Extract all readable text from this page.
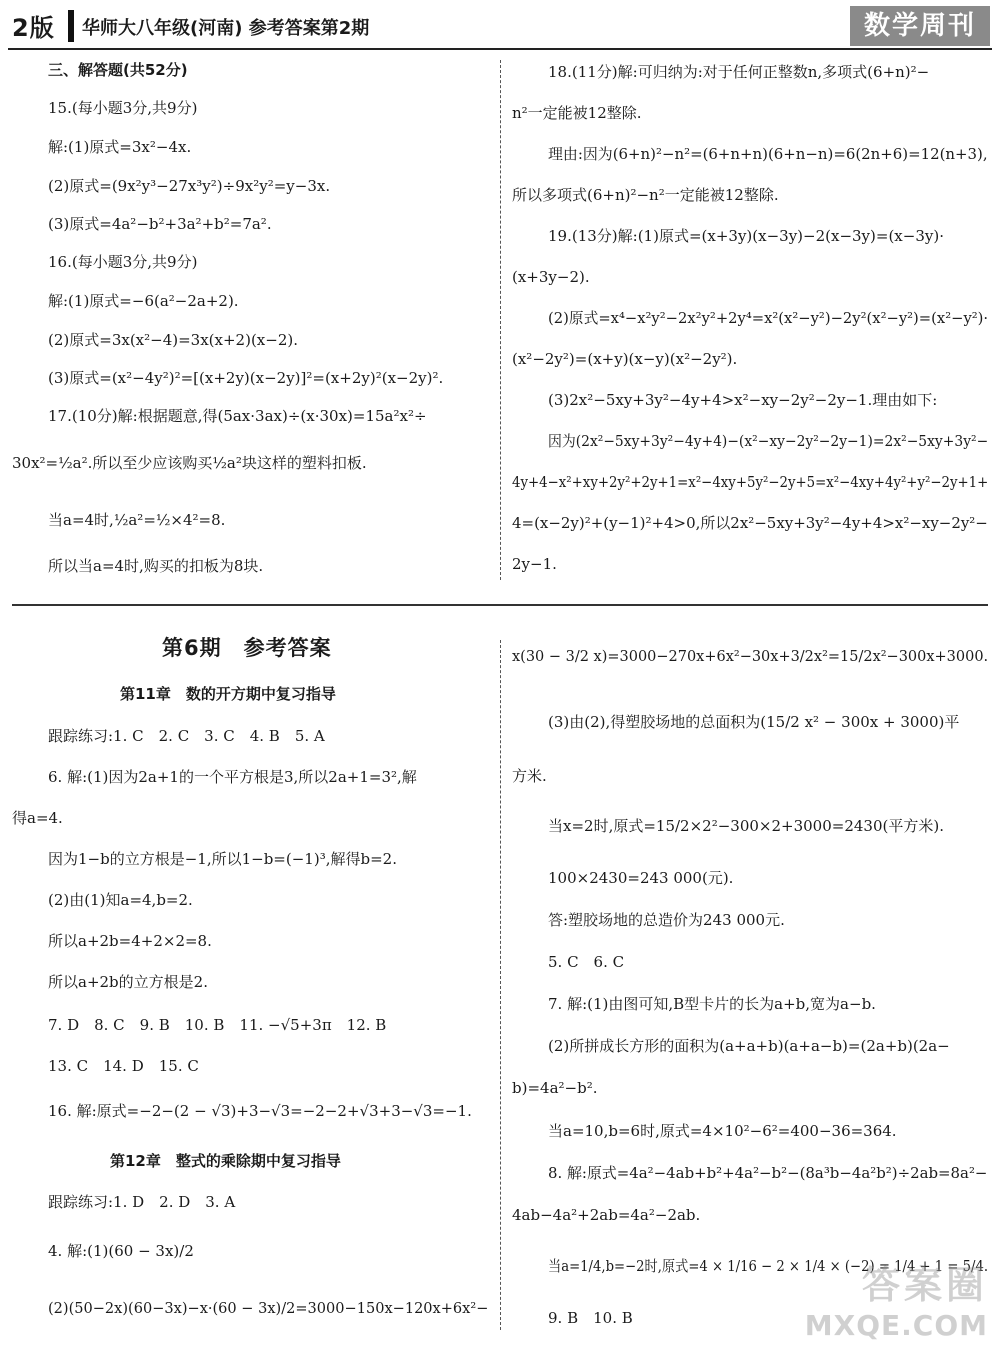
2版 华师大八年级(河南) 参考答案第2期	数学周刊
三、解答题(共52分)
15.(每小题3分,共9分)
解:(1)原式=3x²−4x.
(2)原式=(9x²y³−27x³y²)÷9x²y²=y−3x.
(3)原式=4a²−b²+3a²+b²=7a².
16.(每小题3分,共9分)
解:(1)原式=−6(a²−2a+2).
(2)原式=3x(x²−4)=3x(x+2)(x−2).
(3)原式=(x²−4y²)²=[(x+2y)(x−2y)]²=(x+2y)²(x−2y)².
17.(10分)解:根据题意,得(5ax·3ax)÷(x·30x)=15a²x²÷
30x²=½a².所以至少应该购买½a²块这样的塑料扣板.
当a=4时,½a²=½×4²=8.
所以当a=4时,购买的扣板为8块.
18.(11分)解:可归纳为:对于任何正整数n,多项式(6+n)²−
n²一定能被12整除.
理由:因为(6+n)²−n²=(6+n+n)(6+n−n)=6(2n+6)=12(n+3),
所以多项式(6+n)²−n²一定能被12整除.
19.(13分)解:(1)原式=(x+3y)(x−3y)−2(x−3y)=(x−3y)·
(x+3y−2).
(2)原式=x⁴−x²y²−2x²y²+2y⁴=x²(x²−y²)−2y²(x²−y²)=(x²−y²)·
(x²−2y²)=(x+y)(x−y)(x²−2y²).
(3)2x²−5xy+3y²−4y+4>x²−xy−2y²−2y−1.理由如下:
因为(2x²−5xy+3y²−4y+4)−(x²−xy−2y²−2y−1)=2x²−5xy+3y²−
4y+4−x²+xy+2y²+2y+1=x²−4xy+5y²−2y+5=x²−4xy+4y²+y²−2y+1+
4=(x−2y)²+(y−1)²+4>0,所以2x²−5xy+3y²−4y+4>x²−xy−2y²−
2y−1.
第6期　参考答案
第11章　数的开方期中复习指导
跟踪练习:1. C　2. C　3. C　4. B　5. A
6. 解:(1)因为2a+1的一个平方根是3,所以2a+1=3²,解
得a=4.
因为1−b的立方根是−1,所以1−b=(−1)³,解得b=2.
(2)由(1)知a=4,b=2.
所以a+2b=4+2×2=8.
所以a+2b的立方根是2.
7. D　8. C　9. B　10. B　11. −√5+3π　12. B
13. C　14. D　15. C
16. 解:原式=−2−(2 − √3)+3−√3=−2−2+√3+3−√3=−1.
第12章　整式的乘除期中复习指导
跟踪练习:1. D　2. D　3. A
4. 解:(1)(60 − 3x)/2
(2)(50−2x)(60−3x)−x·(60 − 3x)/2=3000−150x−120x+6x²−
x(30 − 3/2 x)=3000−270x+6x²−30x+3/2x²=15/2x²−300x+3000.
(3)由(2),得塑胶场地的总面积为(15/2 x² − 300x + 3000)平
方米.
当x=2时,原式=15/2×2²−300×2+3000=2430(平方米).
100×2430=243 000(元).
答:塑胶场地的总造价为243 000元.
5. C　6. C
7. 解:(1)由图可知,B型卡片的长为a+b,宽为a−b.
(2)所拼成长方形的面积为(a+a+b)(a+a−b)=(2a+b)(2a−
b)=4a²−b².
当a=10,b=6时,原式=4×10²−6²=400−36=364.
8. 解:原式=4a²−4ab+b²+4a²−b²−(8a³b−4a²b²)÷2ab=8a²−
4ab−4a²+2ab=4a²−2ab.
当a=1/4,b=−2时,原式=4 × 1/16 − 2 × 1/4 × (−2) = 1/4 + 1 = 5/4.
9. B　10. B
答案圈
MXQE.COM
